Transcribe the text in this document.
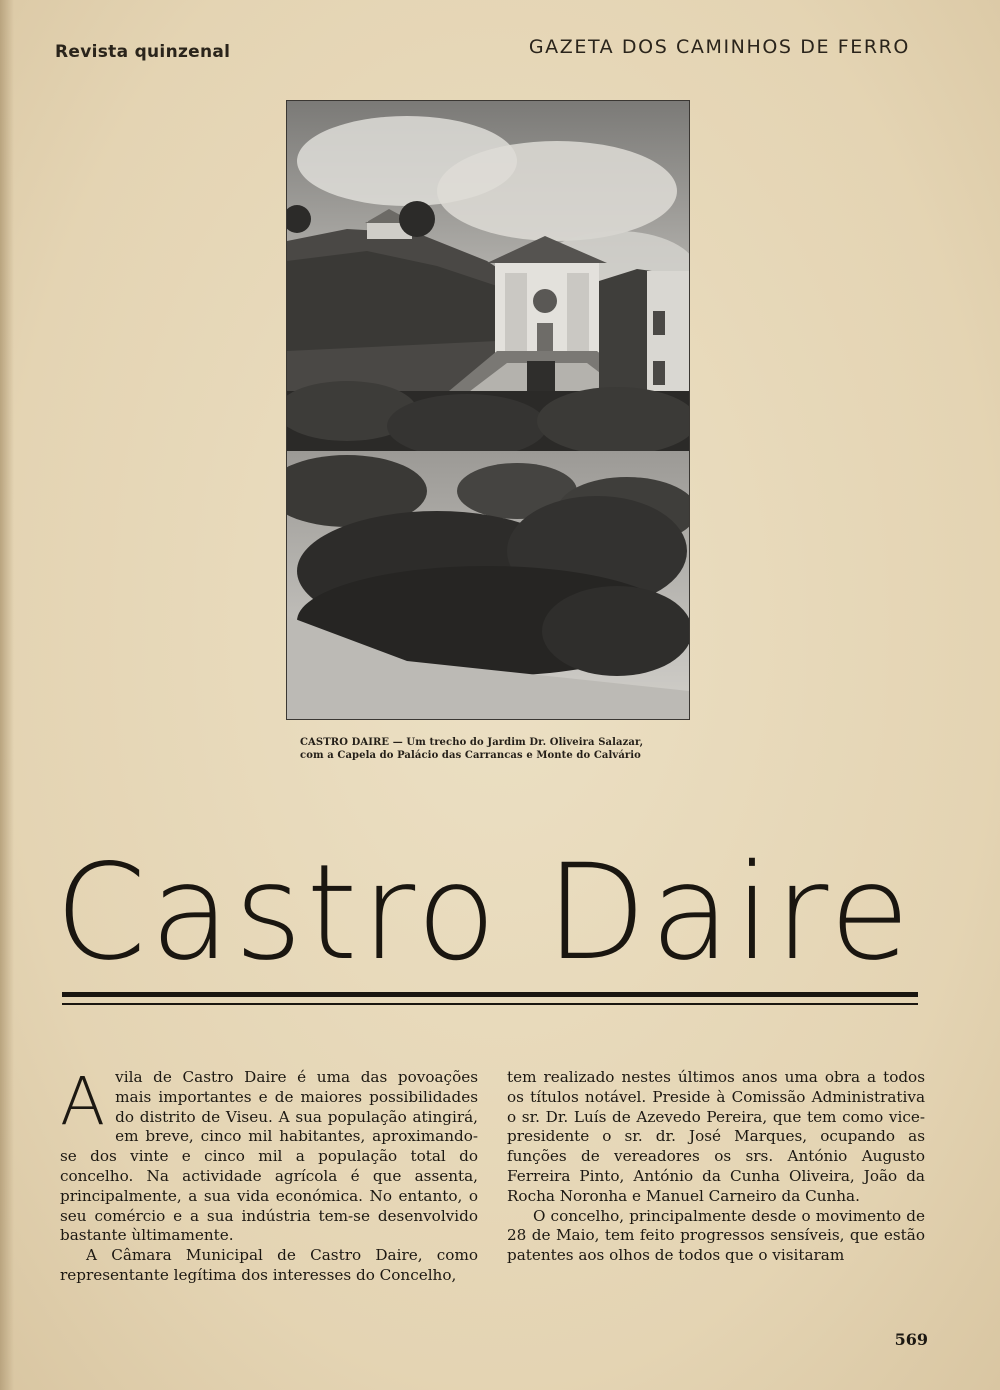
Revista quinzenal	GAZETA DOS CAMINHOS DE FERRO
CASTRO DAIRE — Um trecho do Jardim Dr. Oliveira Salazar,
com a Capela do Palácio das Carrancas e Monte do Calvário
Castro Daire

Avila de Castro Daire é uma das povoações mais importantes e de maiores possibilidades do distrito de Viseu. A sua população atingirá, em breve, cinco mil habitantes, aproximando-se dos vinte e cinco mil a população total do concelho. Na actividade agrícola é que assenta, principalmente, a sua vida económica. No entanto, o seu comércio e a sua indústria tem-se desenvolvido bastante ùltimamente.

A Câmara Municipal de Castro Daire, como representante legítima dos interesses do Concelho,

tem realizado nestes últimos anos uma obra a todos os títulos notável. Preside à Comissão Administrativa o sr. Dr. Luís de Azevedo Pereira, que tem como vice-presidente o sr. dr. José Marques, ocupando as funções de vereadores os srs. António Augusto Ferreira Pinto, António da Cunha Oliveira, João da Rocha Noronha e Manuel Carneiro da Cunha.

O concelho, principalmente desde o movimento de 28 de Maio, tem feito progressos sensíveis, que estão patentes aos olhos de todos que o visitaram

569
